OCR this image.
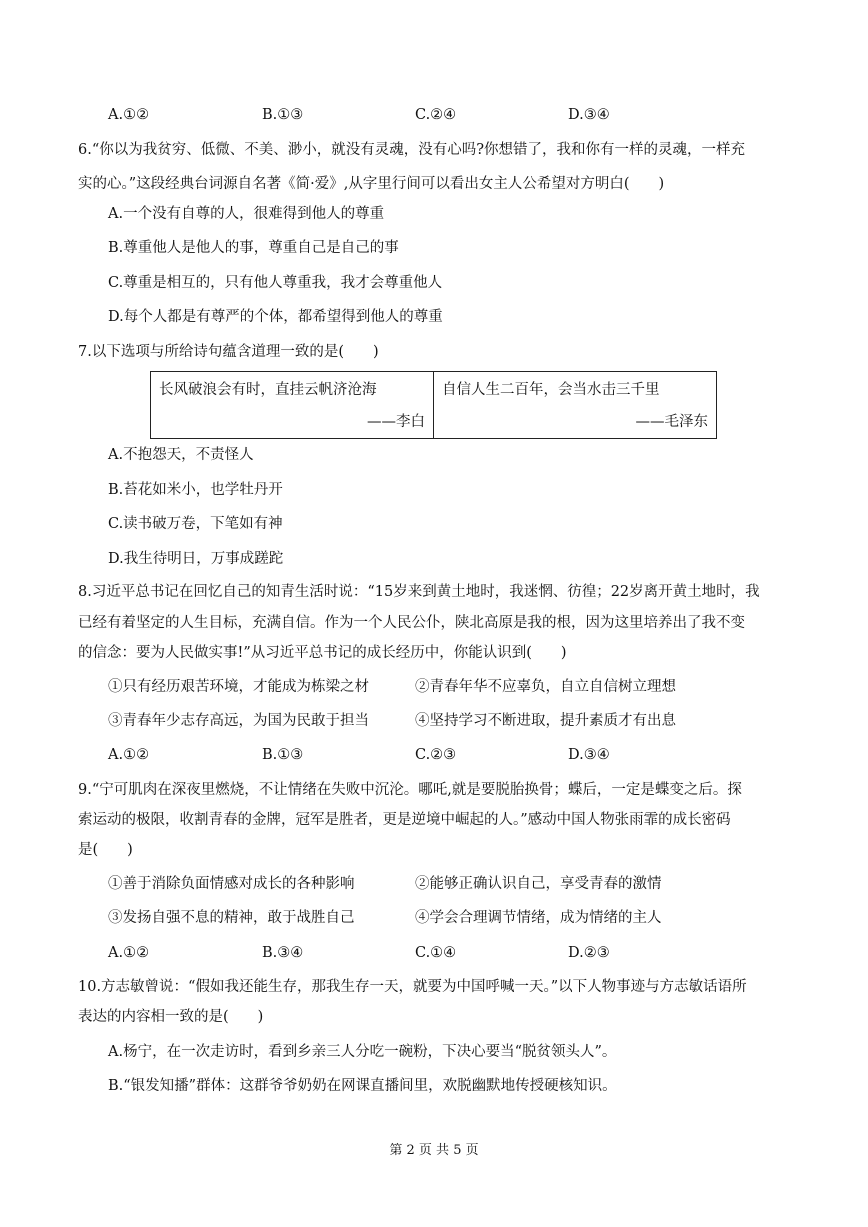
A.①②	B.①③	C.②④	D.③④
6.“你以为我贫穷、低微、不美、渺小，就没有灵魂，没有心吗?你想错了，我和你有一样的灵魂，一样充
实的心。”这段经典台词源自名著《简·爱》,从字里行间可以看出女主人公希望对方明白(　　)
A.一个没有自尊的人，很难得到他人的尊重
B.尊重他人是他人的事，尊重自己是自己的事
C.尊重是相互的，只有他人尊重我，我才会尊重他人
D.每个人都是有尊严的个体，都希望得到他人的尊重
7.以下选项与所给诗句蕴含道理一致的是(　　)
长风破浪会有时，直挂云帆济沧海
——李白

自信人生二百年，会当水击三千里
——毛泽东
A.不抱怨天，不责怪人
B.苔花如米小，也学牡丹开
C.读书破万卷，下笔如有神
D.我生待明日，万事成蹉跎
8.习近平总书记在回忆自己的知青生活时说：“15岁来到黄土地时，我迷惘、彷徨；22岁离开黄土地时，我
已经有着坚定的人生目标，充满自信。作为一个人民公仆，陕北高原是我的根，因为这里培养出了我不变
的信念：要为人民做实事!”从习近平总书记的成长经历中，你能认识到(　　)
①只有经历艰苦环境，才能成为栋梁之材	②青春年华不应辜负，自立自信树立理想
③青春年少志存高远，为国为民敢于担当	④坚持学习不断进取，提升素质才有出息
A.①②	B.①③	C.②③	D.③④
9.“宁可肌肉在深夜里燃烧，不让情绪在失败中沉沦。哪吒,就是要脱胎换骨；蝶后，一定是蝶变之后。探
索运动的极限，收割青春的金牌，冠军是胜者，更是逆境中崛起的人。”感动中国人物张雨霏的成长密码
是(　　)
①善于消除负面情感对成长的各种影响	②能够正确认识自己，享受青春的激情
③发扬自强不息的精神，敢于战胜自己	④学会合理调节情绪，成为情绪的主人
A.①②	B.③④	C.①④	D.②③
10.方志敏曾说：“假如我还能生存，那我生存一天，就要为中国呼喊一天。”以下人物事迹与方志敏话语所
表达的内容相一致的是(　　)
A.杨宁，在一次走访时，看到乡亲三人分吃一碗粉，下决心要当“脱贫领头人”。
B.“银发知播”群体：这群爷爷奶奶在网课直播间里，欢脱幽默地传授硬核知识。
第 2 页 共 5 页
